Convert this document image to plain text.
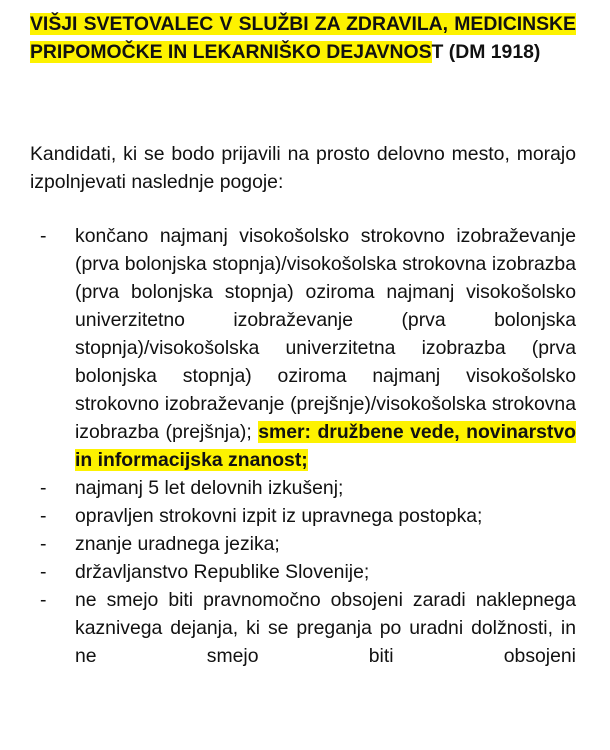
VIŠJI SVETOVALEC V SLUŽBI ZA ZDRAVILA, MEDICINSKE PRIPOMOČKE IN LEKARNIŠKO DEJAVNOST (DM 1918)
Kandidati, ki se bodo prijavili na prosto delovno mesto, morajo izpolnjevati naslednje pogoje:
- končano najmanj visokošolsko strokovno izobraževanje (prva bolonjska stopnja)/visokošolska strokovna izobrazba (prva bolonjska stopnja) oziroma najmanj visokošolsko univerzitetno izobraževanje (prva bolonjska stopnja)/visokošolska univerzitetna izobrazba (prva bolonjska stopnja) oziroma najmanj visokošolsko strokovno izobraževanje (prejšnje)/visokošolska strokovna izobrazba (prejšnja); smer: družbene vede, novinarstvo in informacijska znanost;
- najmanj 5 let delovnih izkušenj;
- opravljen strokovni izpit iz upravnega postopka;
- znanje uradnega jezika;
- državljanstvo Republike Slovenije;
- ne smejo biti pravnomočno obsojeni zaradi naklepnega kaznivega dejanja, ki se preganja po uradni dolžnosti, in ne smejo biti obsojeni
